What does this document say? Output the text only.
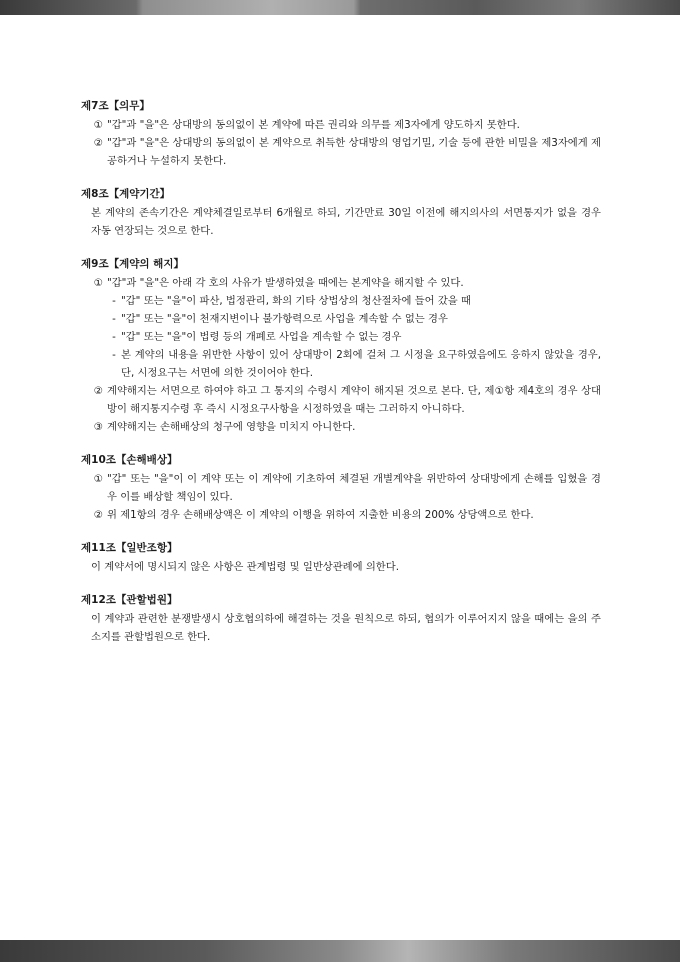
제7조【의무】
① "갑"과 "을"은 상대방의 동의없이 본 계약에 따른 권리와 의무를 제3자에게 양도하지 못한다.
② "갑"과 "을"은 상대방의 동의없이 본 계약으로 취득한 상대방의 영업기밀, 기술 등에 관한 비밀을 제3자에게 제공하거나 누설하지 못한다.
제8조【계약기간】
본 계약의 존속기간은 계약체결일로부터 6개월로 하되, 기간만료 30일 이전에 해지의사의 서면통지가 없을 경우 자동 연장되는 것으로 한다.
제9조【계약의 해지】
① "갑"과 "을"은 아래 각 호의 사유가 발생하였을 때에는 본계약을 해지할 수 있다.
- "갑" 또는 "을"이 파산, 법정관리, 화의 기타 상법상의 청산절차에 들어 갔을 때
- "갑" 또는 "을"이 천재지변이나 불가항력으로 사업을 계속할 수 없는 경우
- "갑" 또는 "을"이 법령 등의 개폐로 사업을 계속할 수 없는 경우
- 본 계약의 내용을 위반한 사항이 있어 상대방이 2회에 걸쳐 그 시정을 요구하였음에도 응하지 않았을 경우, 단, 시정요구는 서면에 의한 것이어야 한다.
② 계약해지는 서면으로 하여야 하고 그 통지의 수령시 계약이 해지된 것으로 본다. 단, 제①항 제4호의 경우 상대방이 해지통지수령 후 즉시 시정요구사항을 시정하였을 때는 그러하지 아니하다.
③ 계약해지는 손해배상의 청구에 영향을 미치지 아니한다.
제10조【손해배상】
① "갑" 또는 "을"이 이 계약 또는 이 계약에 기초하여 체결된 개별계약을 위반하여 상대방에게 손해를 입혔을 경우 이를 배상할 책임이 있다.
② 위 제1항의 경우 손해배상액은 이 계약의 이행을 위하여 지출한 비용의 200% 상당액으로 한다.
제11조【일반조항】
이 계약서에 명시되지 않은 사항은 관계법령 및 일반상관례에 의한다.
제12조【관할법원】
이 계약과 관련한 분쟁발생시 상호협의하에 해결하는 것을 원칙으로 하되, 협의가 이루어지지 않을 때에는 을의 주소지를 관할법원으로 한다.
